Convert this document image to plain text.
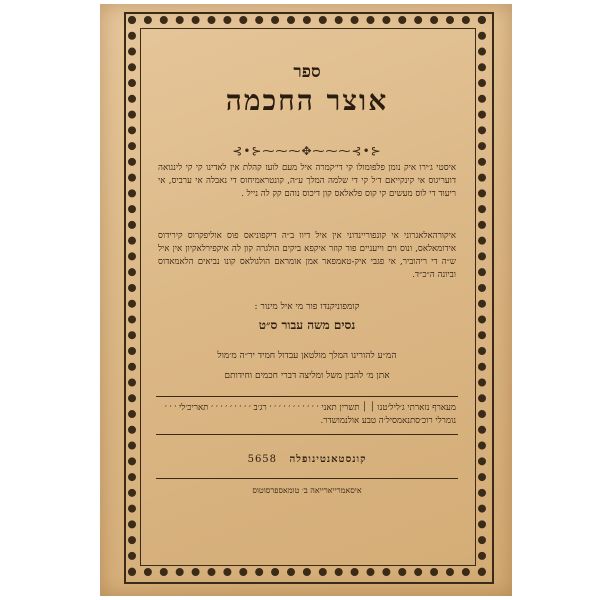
ספר
אוצר החכמה
⊰•⊱⁓⁓⁓✥⁓⁓⁓⊰•⊱
איסטי ג׳ירו איק נומן פלפומולו קי די׳קמרה איל מעם לועז קהלת אין לאדינו קי קי לינגואה דועריגוס אי קינקייאם ד׳ל קי די שלמה המלך ע״ה, קונטראמיחוס די נאבלה אי ערביס, אי ריעוד די לוס מעשים קי קוס פלאלאס קון דיכוס נוהם קק לה נייל .
איקורהאלאגרוני אי קונפוריינדוני אין איל דיוו ב״ה דיקפוניאס פוס אוליפקרוס קירידוס אידומאלאס, ונוס וים וייעניים פור קוזר איקפא ביקים הולגרה קון לה איקפירלאקיון אין איל ש״ה די ריהוביר, אי פגבי איק-טאמפאר אמן אומראם הולגולאס קונו נביאים הלאמאדוס וביונה ה״כ״ד.
קומפוניקנדו פור מי איל מינור :
נסים משה עבור ס״ט
המ״ע להורינו המלך מולטאן עבדול חמיד יר״ה מ׳מול
אתן מ׳ להבין משל ומליצה דברי חכמים וחידותם
מעארף נזארתי ג׳ליל׳טנו ׀ ׀ תשרין תאני ׳ ׳ ׳ ׳ ׳ ׳ ׳ ׳ ׳ ׳ ׳ רג׳ב ׳ ׳ ׳ ׳ ׳ ׳ ׳ ׳ ׳ תאריכ׳לי ׳ ׳ ׳
נומרלי רוכ׳סתנאמסיל׳ה טבע אולנמושדר.
קונסטאנטינופלה 5658
איסאמרייארייאה ב׳ טומאספרסוטוס
